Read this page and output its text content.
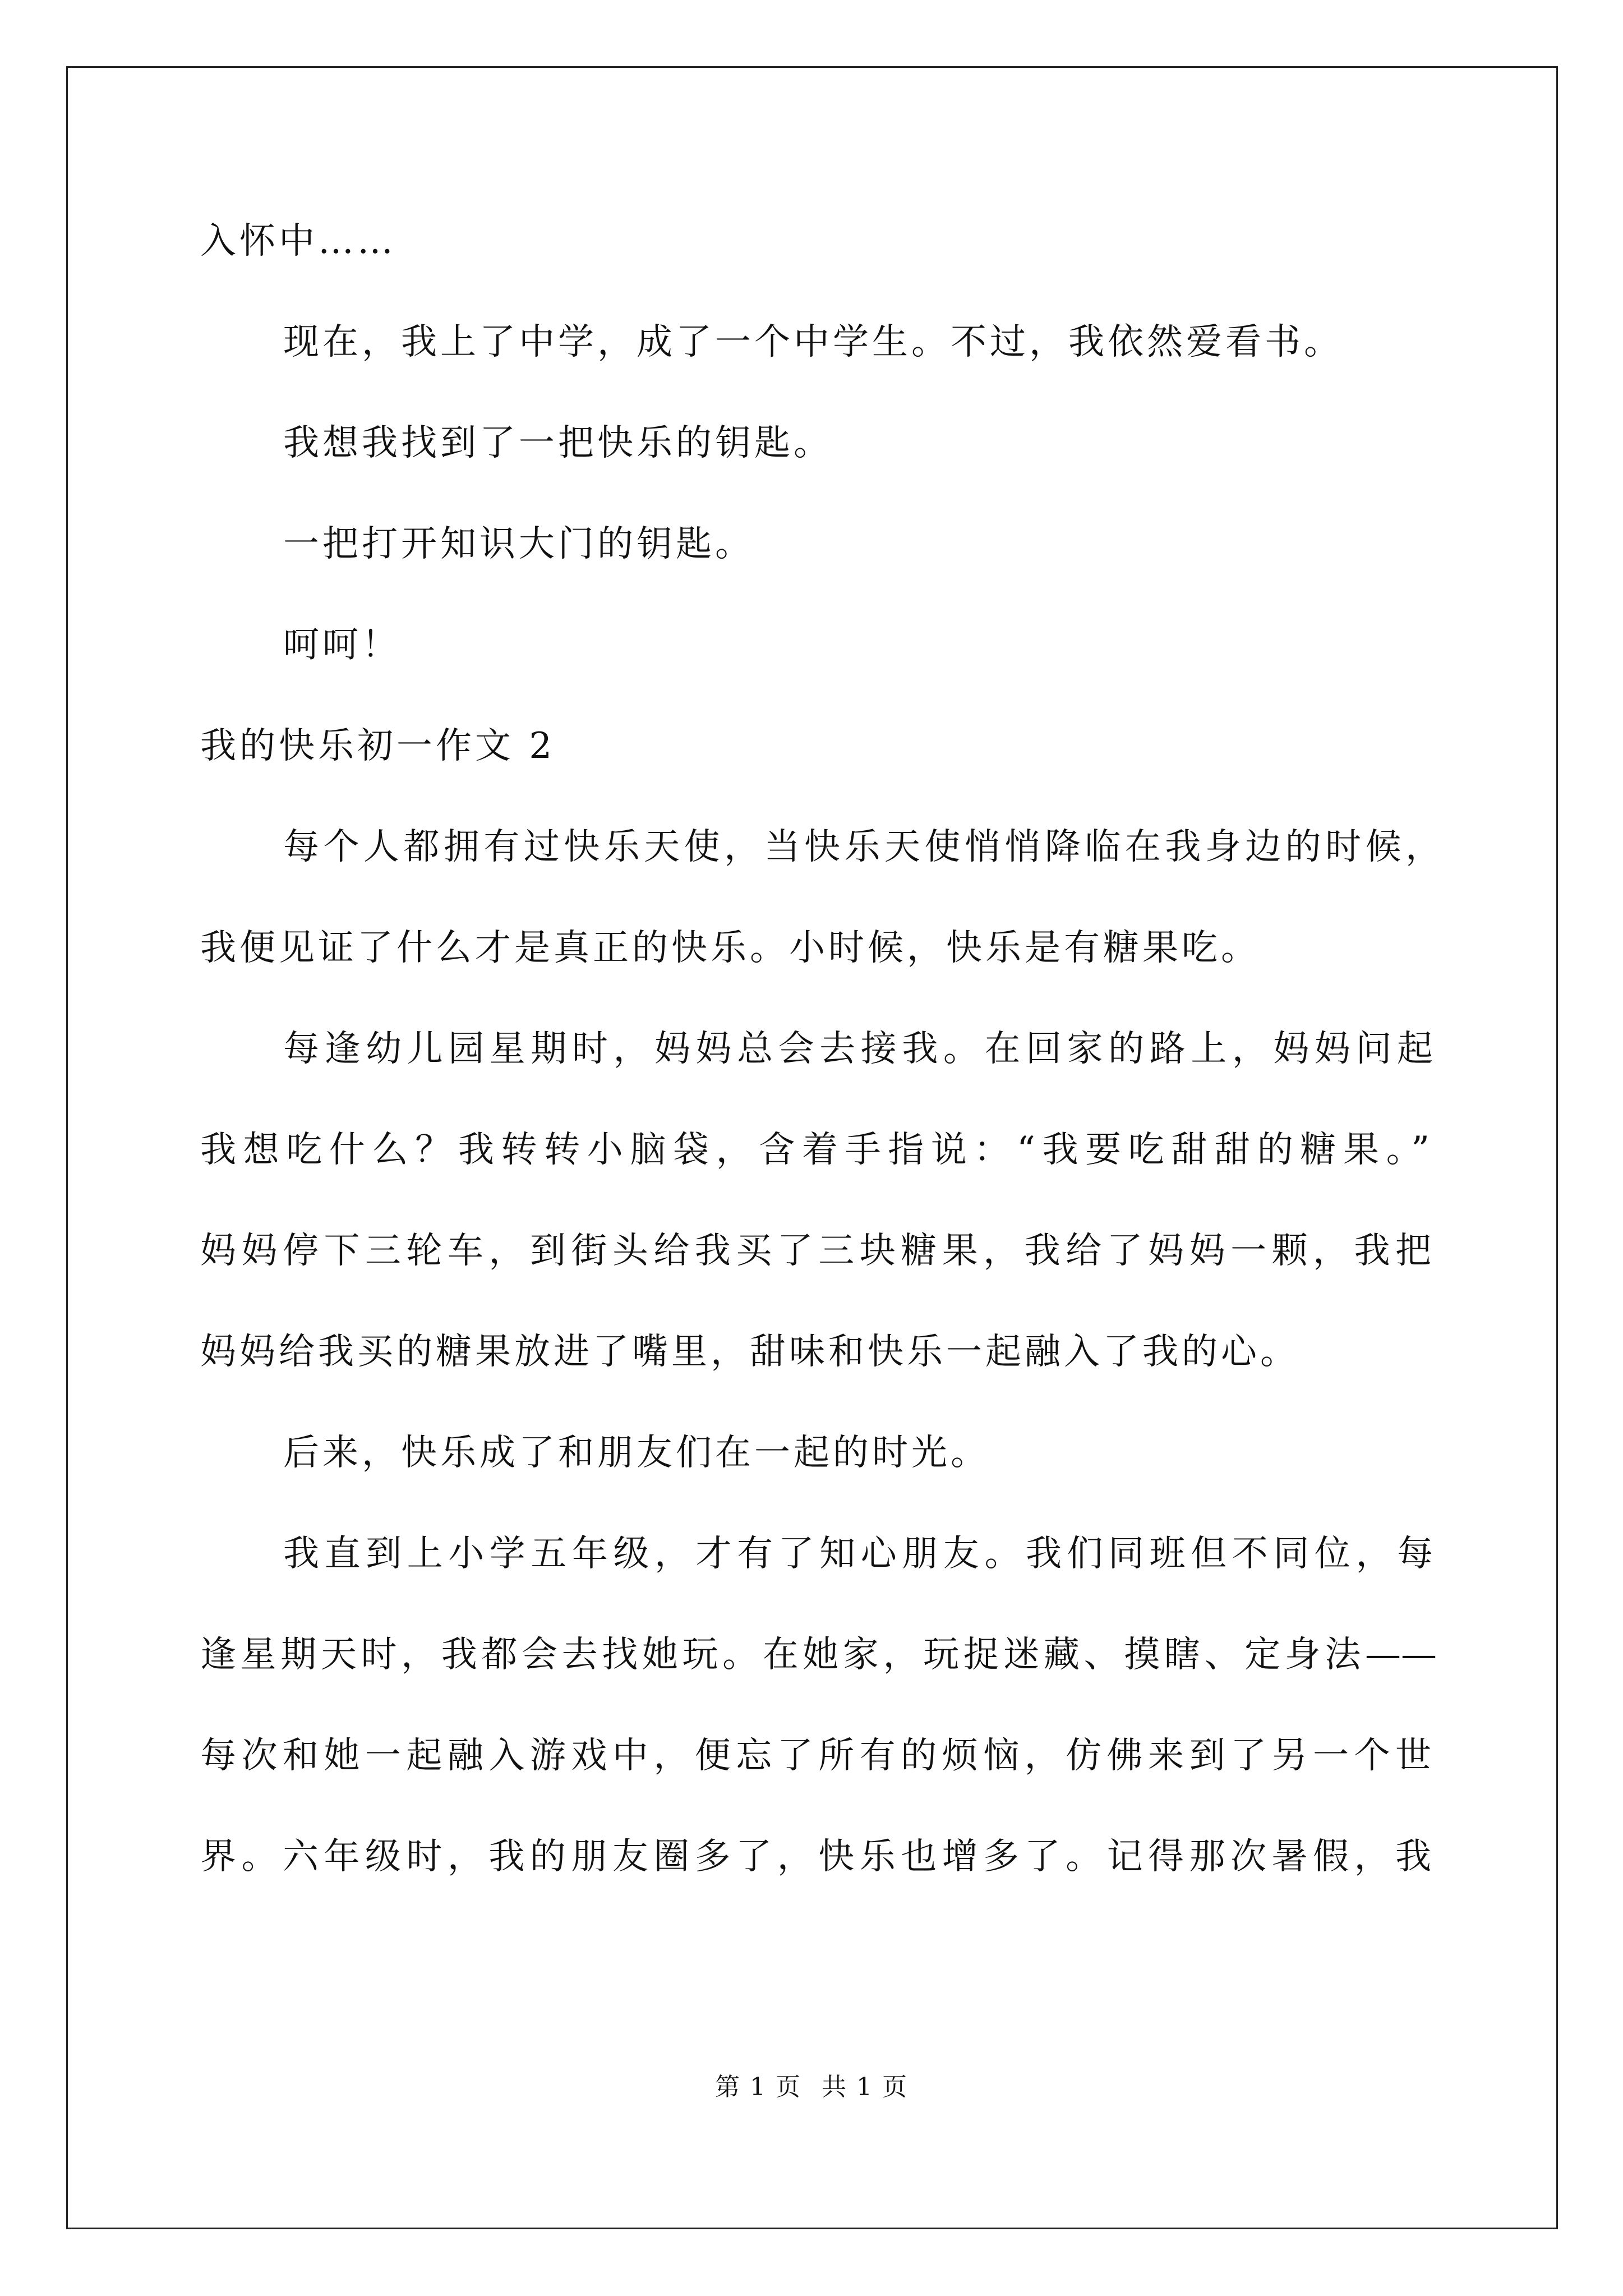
入怀中……
现在，我上了中学，成了一个中学生。不过，我依然爱看书。
我想我找到了一把快乐的钥匙。
一把打开知识大门的钥匙。
呵呵！
我的快乐初一作文 2
每个人都拥有过快乐天使，当快乐天使悄悄降临在我身边的时候，
我便见证了什么才是真正的快乐。小时候，快乐是有糖果吃。
每逢幼儿园星期时，妈妈总会去接我。在回家的路上，妈妈问起
我想吃什么？我转转小脑袋，含着手指说：“我要吃甜甜的糖果。”
妈妈停下三轮车，到街头给我买了三块糖果，我给了妈妈一颗，我把
妈妈给我买的糖果放进了嘴里，甜味和快乐一起融入了我的心。
后来，快乐成了和朋友们在一起的时光。
我直到上小学五年级，才有了知心朋友。我们同班但不同位，每
逢星期天时，我都会去找她玩。在她家，玩捉迷藏、摸瞎、定身法——
每次和她一起融入游戏中，便忘了所有的烦恼，仿佛来到了另一个世
界。六年级时，我的朋友圈多了，快乐也增多了。记得那次暑假，我
第 1 页 共 1 页
